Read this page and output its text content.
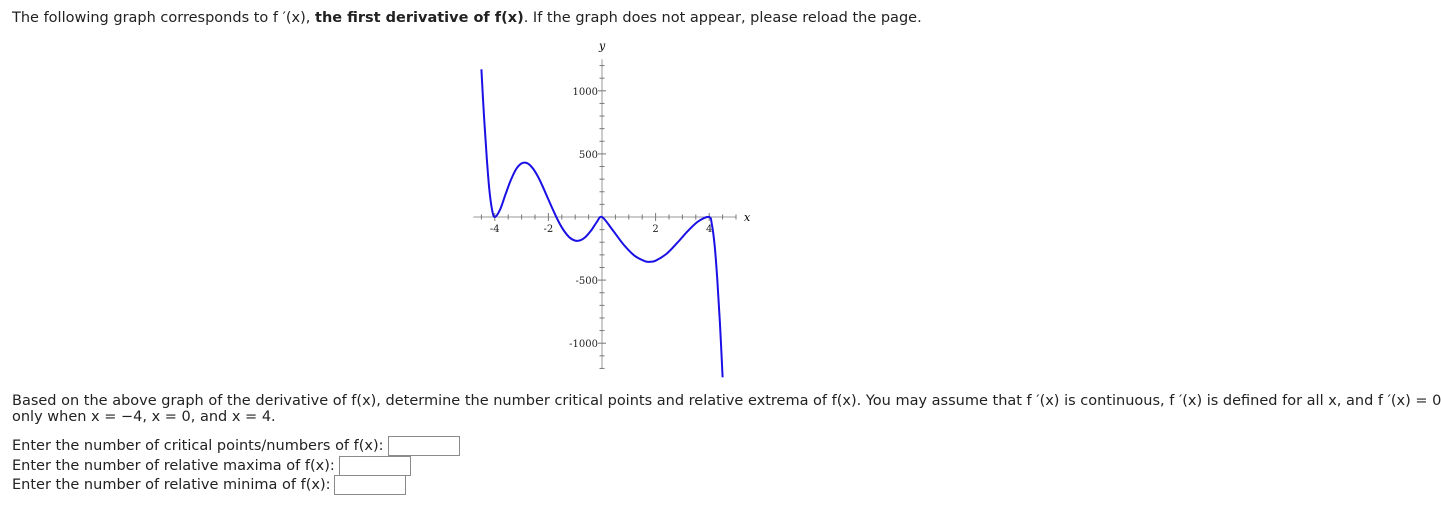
The following graph corresponds to f ′(x), the first derivative of f(x). If the graph does not appear, please reload the page.
-4	-2	2	4
1000
500
-500
-1000
x
y
Based on the above graph of the derivative of f(x), determine the number critical points and relative extrema of f(x). You may assume that f ′(x) is continuous, f ′(x) is defined for all x, and f ′(x) = 0
only when x = −4, x = 0, and x = 4.
Enter the number of critical points/numbers of f(x):
Enter the number of relative maxima of f(x):
Enter the number of relative minima of f(x):
